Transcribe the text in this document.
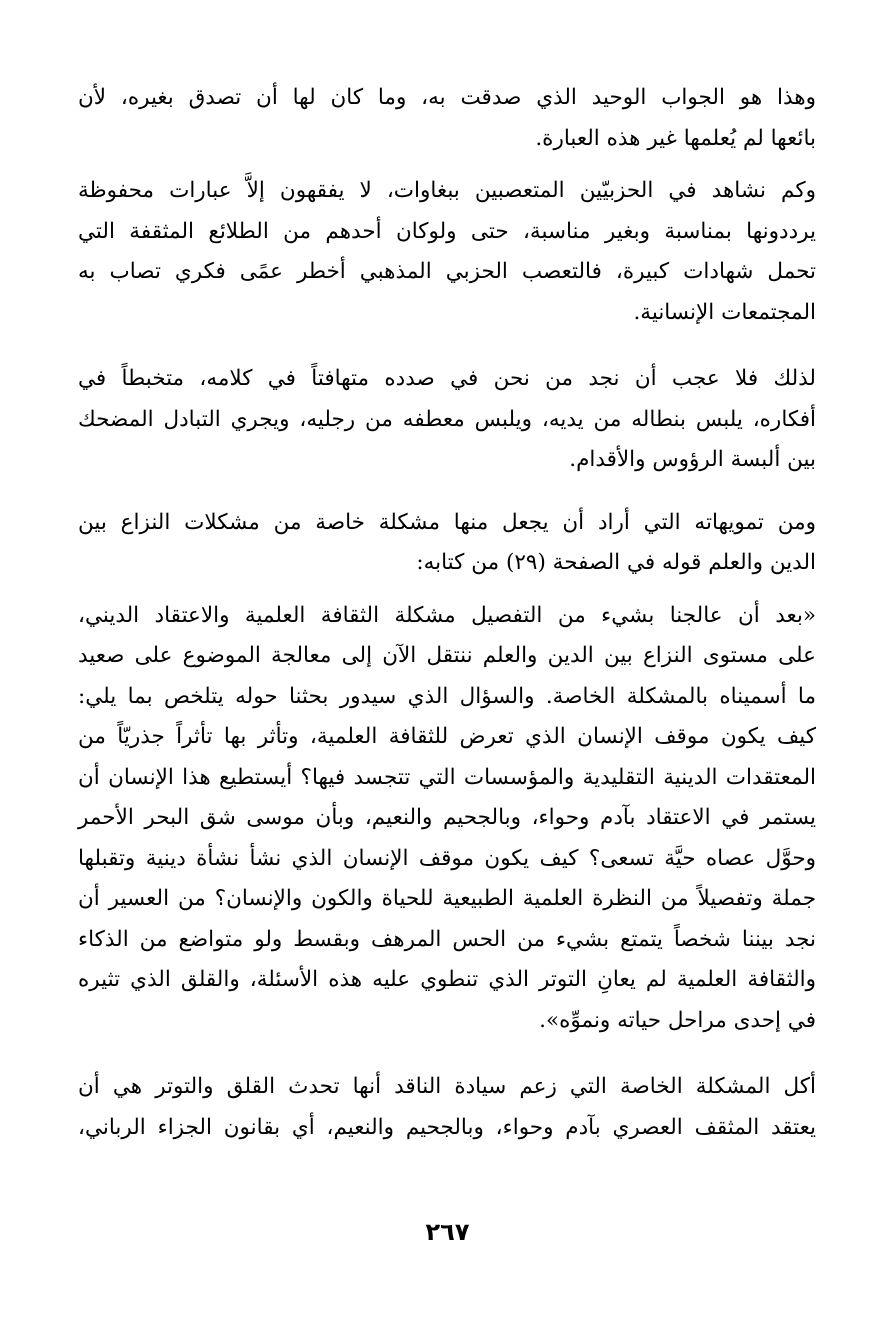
وهذا هو الجواب الوحيد الذي صدقت به، وما كان لها أن تصدق بغيره، لأن
بائعها لم يُعلمها غير هذه العبارة.
وكم نشاهد في الحزبيّين المتعصبين ببغاوات، لا يفقهون إلاَّ عبارات محفوظة
يرددونها بمناسبة وبغير مناسبة، حتى ولوكان أحدهم من الطلائع المثقفة التي
تحمل شهادات كبيرة، فالتعصب الحزبي المذهبي أخطر عمًى فكري تصاب به
المجتمعات الإنسانية.
لذلك فلا عجب أن نجد من نحن في صدده متهافتاً في كلامه، متخبطاً في
أفكاره، يلبس بنطاله من يديه، ويلبس معطفه من رجليه، ويجري التبادل المضحك
بين ألبسة الرؤوس والأقدام.
ومن تمويهاته التي أراد أن يجعل منها مشكلة خاصة من مشكلات النزاع بين
الدين والعلم قوله في الصفحة (٢٩) من كتابه:
«بعد أن عالجنا بشيء من التفصيل مشكلة الثقافة العلمية والاعتقاد الديني،
على مستوى النزاع بين الدين والعلم ننتقل الآن إلى معالجة الموضوع على صعيد
ما أسميناه بالمشكلة الخاصة. والسؤال الذي سيدور بحثنا حوله يتلخص بما يلي:
كيف يكون موقف الإنسان الذي تعرض للثقافة العلمية، وتأثر بها تأثراً جذريّاً من
المعتقدات الدينية التقليدية والمؤسسات التي تتجسد فيها؟ أيستطيع هذا الإنسان أن
يستمر في الاعتقاد بآدم وحواء، وبالجحيم والنعيم، وبأن موسى شق البحر الأحمر
وحوَّل عصاه حيَّة تسعى؟ كيف يكون موقف الإنسان الذي نشأ نشأة دينية وتقبلها
جملة وتفصيلاً من النظرة العلمية الطبيعية للحياة والكون والإنسان؟ من العسير أن
نجد بيننا شخصاً يتمتع بشيء من الحس المرهف وبقسط ولو متواضع من الذكاء
والثقافة العلمية لم يعانِ التوتر الذي تنطوي عليه هذه الأسئلة، والقلق الذي تثيره
في إحدى مراحل حياته ونموِّه».
أكل المشكلة الخاصة التي زعم سيادة الناقد أنها تحدث القلق والتوتر هي أن
يعتقد المثقف العصري بآدم وحواء، وبالجحيم والنعيم، أي بقانون الجزاء الرباني،
٢٦٧
